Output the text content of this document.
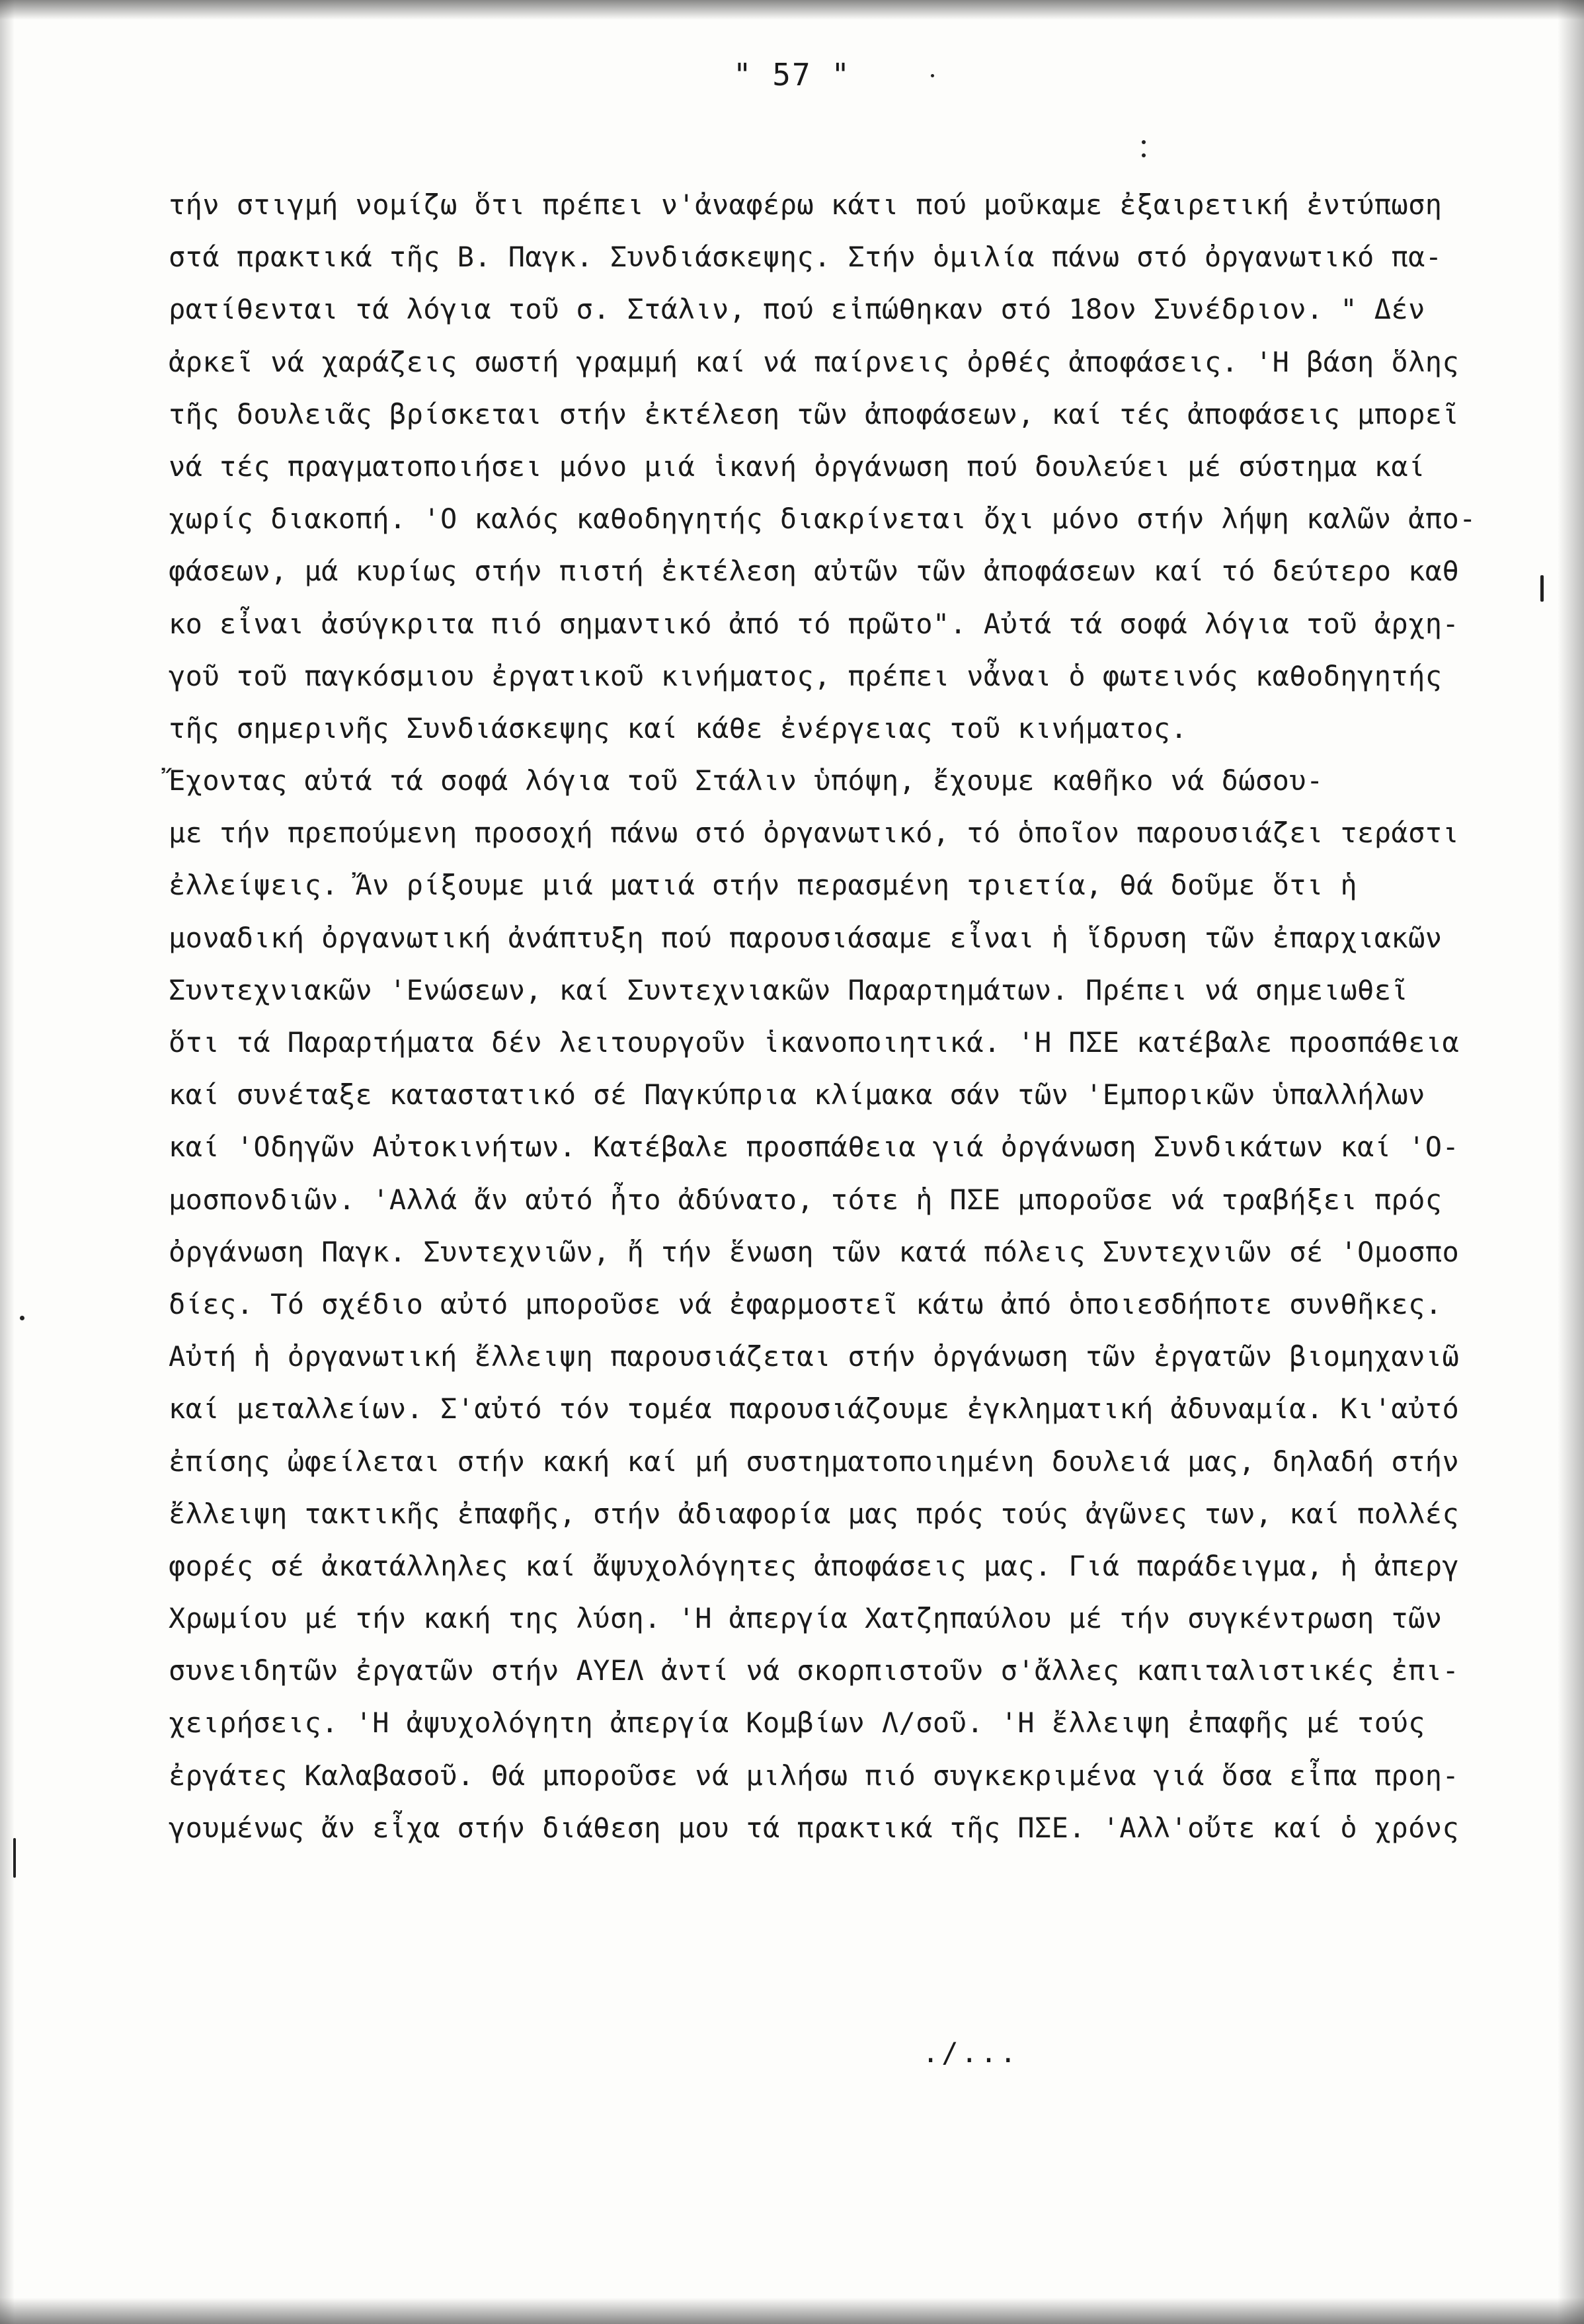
" 57 "
τήν στιγμή νομίζω ὅτι πρέπει ν'ἀναφέρω κάτι πού μοῦκαμε ἐξαιρετική ἐντύπωση
στά πρακτικά τῆς Β. Παγκ. Συνδιάσκεψης. Στήν ὁμιλία πάνω στό ὀργανωτικό πα-
ρατίθενται τά λόγια τοῦ σ. Στάλιν, πού εἰπώθηκαν στό 18ον Συνέδριον. " Δέν
ἀρκεῖ νά χαράζεις σωστή γραμμή καί νά παίρνεις ὀρθές ἀποφάσεις. 'Η βάση ὅλης
τῆς δουλειᾶς βρίσκεται στήν ἐκτέλεση τῶν ἀποφάσεων, καί τές ἀποφάσεις μπορεῖ
νά τές πραγματοποιήσει μόνο μιά ἱκανή ὀργάνωση πού δουλεύει μέ σύστημα καί
χωρίς διακοπή. 'Ο καλός καθοδηγητής διακρίνεται ὄχι μόνο στήν λήψη καλῶν ἀπο-
φάσεων, μά κυρίως στήν πιστή ἐκτέλεση αὐτῶν τῶν ἀποφάσεων καί τό δεύτερο καθ
κο εἶναι ἀσύγκριτα πιό σημαντικό ἀπό τό πρῶτο". Αὐτά τά σοφά λόγια τοῦ ἀρχη-
γοῦ τοῦ παγκόσμιου ἐργατικοῦ κινήματος, πρέπει νἆναι ὁ φωτεινός καθοδηγητής
τῆς σημερινῆς Συνδιάσκεψης καί κάθε ἐνέργειας τοῦ κινήματος.
Ἔχοντας αὐτά τά σοφά λόγια τοῦ Στάλιν ὑπόψη, ἔχουμε καθῆκο νά δώσου-
με τήν πρεπούμενη προσοχή πάνω στό ὀργανωτικό, τό ὁποῖον παρουσιάζει τεράστι
ἐλλείψεις. Ἄν ρίξουμε μιά ματιά στήν περασμένη τριετία, θά δοῦμε ὅτι ἡ
μοναδική ὀργανωτική ἀνάπτυξη πού παρουσιάσαμε εἶναι ἡ ἵδρυση τῶν ἐπαρχιακῶν
Συντεχνιακῶν 'Ενώσεων, καί Συντεχνιακῶν Παραρτημάτων. Πρέπει νά σημειωθεῖ
ὅτι τά Παραρτήματα δέν λειτουργοῦν ἱκανοποιητικά. 'Η ΠΣΕ κατέβαλε προσπάθεια
καί συνέταξε καταστατικό σέ Παγκύπρια κλίμακα σάν τῶν 'Εμπορικῶν ὑπαλλήλων
καί 'Οδηγῶν Αὐτοκινήτων. Κατέβαλε προσπάθεια γιά ὀργάνωση Συνδικάτων καί 'Ο-
μοσπονδιῶν. 'Αλλά ἄν αὐτό ἦτο ἀδύνατο, τότε ἡ ΠΣΕ μποροῦσε νά τραβήξει πρός
ὀργάνωση Παγκ. Συντεχνιῶν, ἤ τήν ἕνωση τῶν κατά πόλεις Συντεχνιῶν σέ 'Ομοσπο
δίες. Τό σχέδιο αὐτό μποροῦσε νά ἐφαρμοστεῖ κάτω ἀπό ὁποιεσδήποτε συνθῆκες.
Αὐτή ἡ ὀργανωτική ἔλλειψη παρουσιάζεται στήν ὀργάνωση τῶν ἐργατῶν βιομηχανιῶ
καί μεταλλείων. Σ'αὐτό τόν τομέα παρουσιάζουμε ἐγκληματική ἀδυναμία. Κι'αὐτό
ἐπίσης ὠφείλεται στήν κακή καί μή συστηματοποιημένη δουλειά μας, δηλαδή στήν
ἔλλειψη τακτικῆς ἐπαφῆς, στήν ἀδιαφορία μας πρός τούς ἀγῶνες των, καί πολλές
φορές σέ ἀκατάλληλες καί ἄψυχολόγητες ἀποφάσεις μας. Γιά παράδειγμα, ἡ ἀπεργ
Χρωμίου μέ τήν κακή της λύση. 'Η ἀπεργία Χατζηπαύλου μέ τήν συγκέντρωση τῶν
συνειδητῶν ἐργατῶν στήν ΑΥΕΛ ἀντί νά σκορπιστοῦν σ'ἄλλες καπιταλιστικές ἐπι-
χειρήσεις. 'Η ἀψυχολόγητη ἀπεργία Κομβίων Λ/σοῦ. 'Η ἔλλειψη ἐπαφῆς μέ τούς
ἐργάτες Καλαβασοῦ. Θά μποροῦσε νά μιλήσω πιό συγκεκριμένα γιά ὅσα εἶπα προη-
γουμένως ἄν εἶχα στήν διάθεση μου τά πρακτικά τῆς ΠΣΕ. 'Αλλ'οὔτε καί ὁ χρόνς
./...
